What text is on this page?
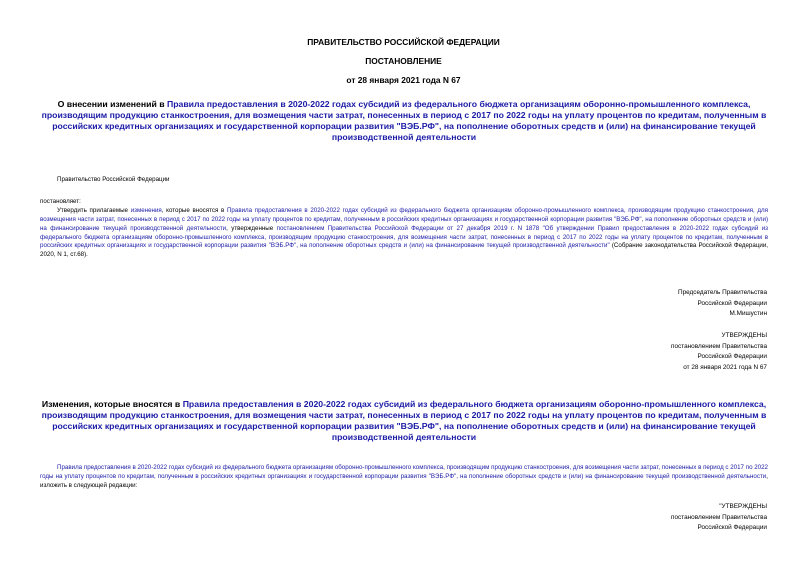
ПРАВИТЕЛЬСТВО РОССИЙСКОЙ ФЕДЕРАЦИИ
ПОСТАНОВЛЕНИЕ
от 28 января 2021 года N 67
О внесении изменений в Правила предоставления в 2020-2022 годах субсидий из федерального бюджета организациям оборонно-промышленного комплекса, производящим продукцию станкостроения, для возмещения части затрат, понесенных в период с 2017 по 2022 годы на уплату процентов по кредитам, полученным в российских кредитных организациях и государственной корпорации развития "ВЭБ.РФ", на пополнение оборотных средств и (или) на финансирование текущей производственной деятельности
Правительство Российской Федерации
постановляет:
Утвердить прилагаемые изменения, которые вносятся в Правила предоставления в 2020-2022 годах субсидий из федерального бюджета организациям оборонно-промышленного комплекса, производящим продукцию станкостроения, для возмещения части затрат, понесенных в период с 2017 по 2022 годы на уплату процентов по кредитам, полученным в российских кредитных организациях и государственной корпорации развития "ВЭБ.РФ", на пополнение оборотных средств и (или) на финансирование текущей производственной деятельности, утвержденные постановлением Правительства Российской Федерации от 27 декабря 2019 г. N 1878 "Об утверждении Правил предоставления в 2020-2022 годах субсидий из федерального бюджета организациям оборонно-промышленного комплекса, производящим продукцию станкостроения, для возмещения части затрат, понесенных в период с 2017 по 2022 годы на уплату процентов по кредитам, полученным в российских кредитных организациях и государственной корпорации развития "ВЭБ.РФ", на пополнение оборотных средств и (или) на финансирование текущей производственной деятельности" (Собрание законодательства Российской Федерации, 2020, N 1, ст.68).
Председатель Правительства
Российской Федерации
М.Мишустин
УТВЕРЖДЕНЫ
постановлением Правительства
Российской Федерации
от 28 января 2021 года N 67
Изменения, которые вносятся в Правила предоставления в 2020-2022 годах субсидий из федерального бюджета организациям оборонно-промышленного комплекса, производящим продукцию станкостроения, для возмещения части затрат, понесенных в период с 2017 по 2022 годы на уплату процентов по кредитам, полученным в российских кредитных организациях и государственной корпорации развития "ВЭБ.РФ", на пополнение оборотных средств и (или) на финансирование текущей производственной деятельности
Правила предоставления в 2020-2022 годах субсидий из федерального бюджета организациям оборонно-промышленного комплекса, производящим продукцию станкостроения, для возмещения части затрат, понесенных в период с 2017 по 2022 годы на уплату процентов по кредитам, полученным в российских кредитных организациях и государственной корпорации развития "ВЭБ.РФ", на пополнение оборотных средств и (или) на финансирование текущей производственной деятельности, изложить в следующей редакции:
"УТВЕРЖДЕНЫ
постановлением Правительства
Российской Федерации
